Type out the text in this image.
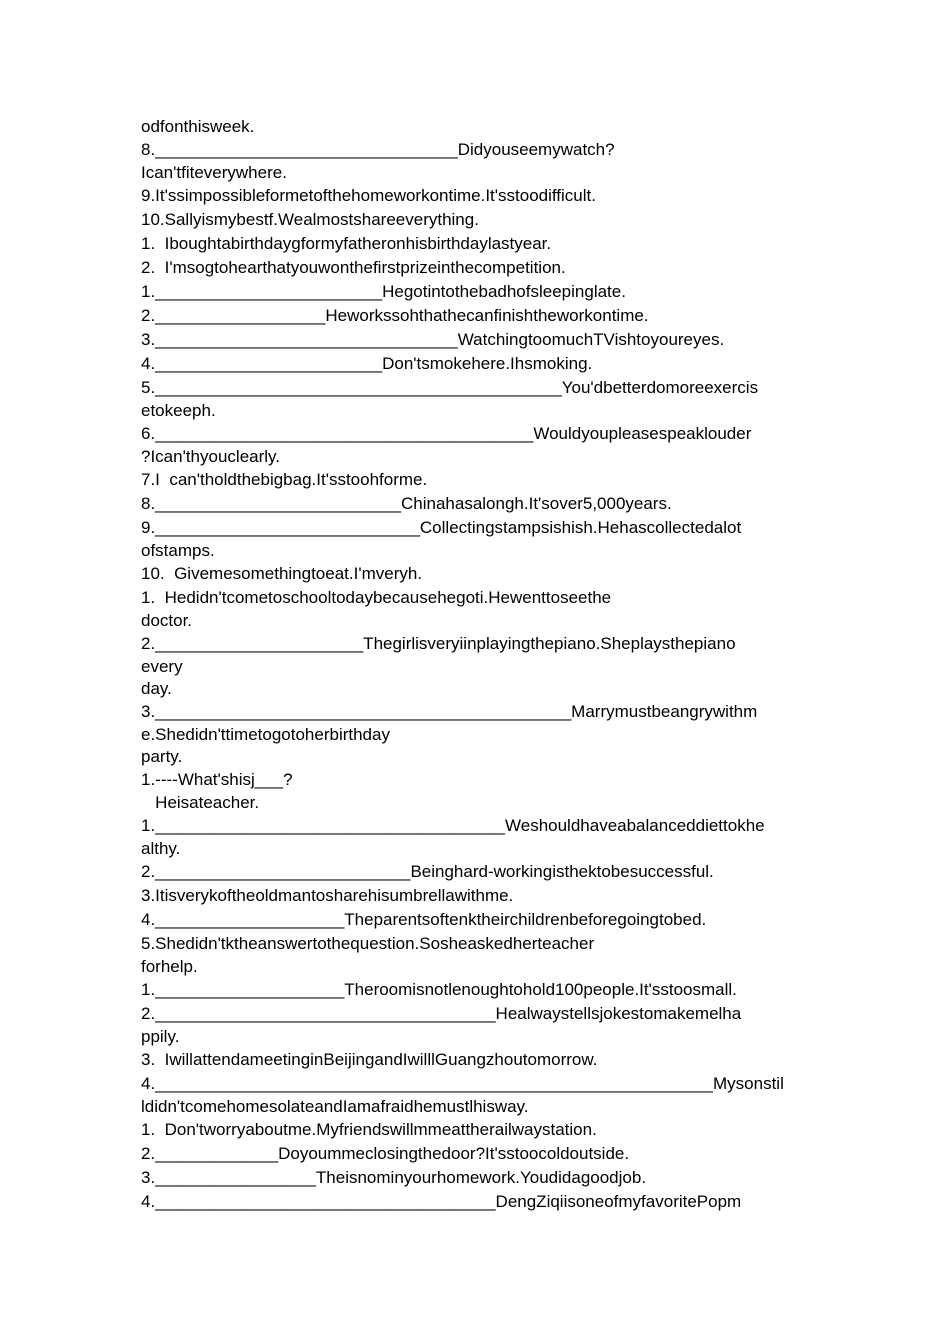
odfonthisweek.
8.________________________________Didyouseemywatch?
Ican'tfiteverywhere.
9.It'ssimpossibleformetofthehomeworkontime.It'sstoodifficult.
10.Sallyismybestf.Wealmostshareeverything.
1.  Iboughtabirthdaygformyfatheronhisbirthdaylastyear.
2.  I'msogtohearthatyouwonthefirstprizeinthecompetition.
1.________________________Hegotintothebadhofsleepinglate.
2.__________________Heworkssohthathecanfinishtheworkontime.
3.________________________________WatchingtoomuchTVishtoyoureyes.
4.________________________Don'tsmokehere.Ihsmoking.
5.___________________________________________You'dbetterdomoreexercis
etokeeph.
6.________________________________________Wouldyoupleasespeaklouder
?Ican'thyouclearly.
7.I  can'tholdthebigbag.It'sstoohforme.
8.__________________________Chinahasalongh.It'sover5,000years.
9.____________________________Collectingstampsishish.Hehascollectedalot
ofstamps.
10.  Givemesomethingtoeat.I'mveryh.
1.  Hedidn'tcometoschooltodaybecausehegoti.Hewenttoseethe
doctor.
2.______________________Thegirlisveryiinplayingthepiano.Sheplaysthepiano
every
day.
3.____________________________________________Marrymustbeangrywithm
e.Shedidn'ttimetogotoherbirthday
party.
1.----What'shisj___?
Heisateacher.
1._____________________________________Weshouldhaveabalanceddiettokhe
althy.
2.___________________________Beinghard-workingisthektobesuccessful.
3.Itisverykoftheoldmantosharehisumbrellawithme.
4.____________________Theparentsoftenktheirchildrenbeforegoingtobed.
5.Shedidn'tktheanswertothequestion.Sosheaskedherteacher
forhelp.
1.____________________Theroomisnotlenoughtohold100people.It'sstoosmall.
2.____________________________________Healwaystellsjokestomakemelha
ppily.
3.  IwillattendameetinginBeijingandIwilllGuangzhoutomorrow.
4.___________________________________________________________Mysonstil
ldidn'tcomehomesolateandIamafraidhemustlhisway.
1.  Don'tworryaboutme.Myfriendswillmmeattherailwaystation.
2._____________Doyoummeclosingthedoor?It'sstoocoldoutside.
3._________________Theisnominyourhomework.Youdidagoodjob.
4.____________________________________DengZiqiisoneofmyfavoritePopm
